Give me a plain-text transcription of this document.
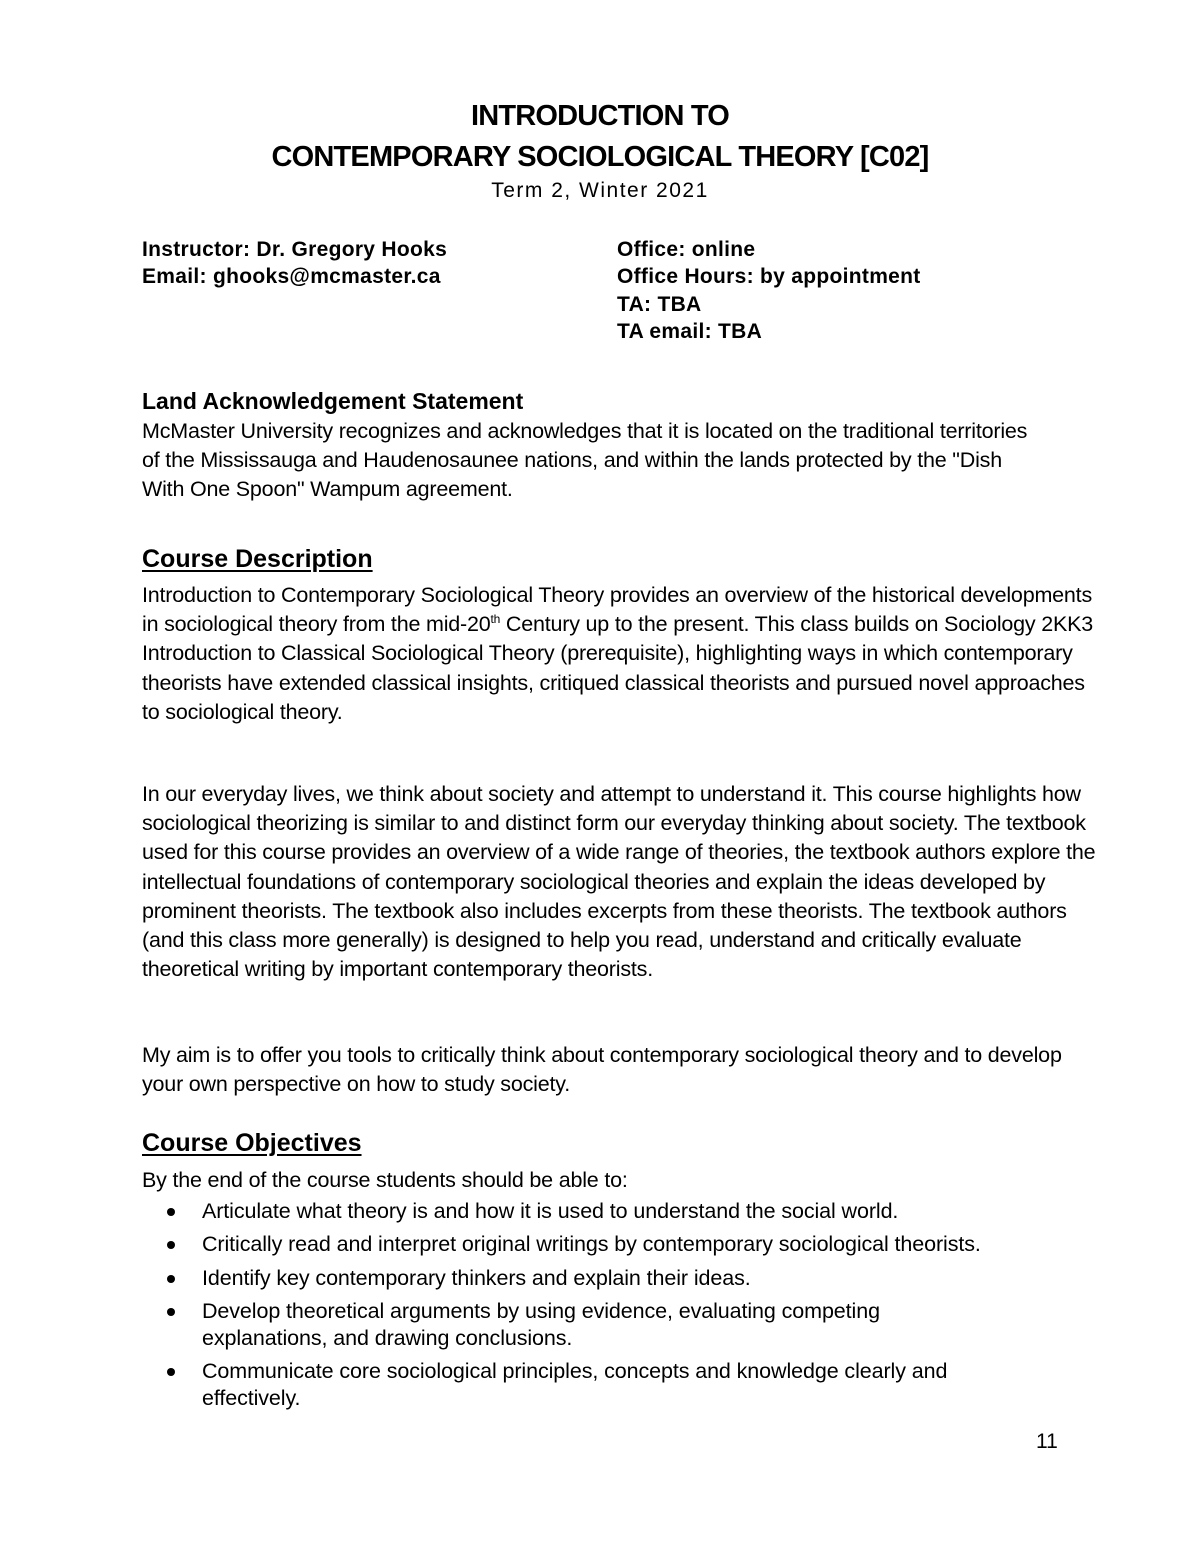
INTRODUCTION TO
CONTEMPORARY SOCIOLOGICAL THEORY [C02]
Term 2, Winter 2021
Instructor: Dr. Gregory Hooks
Email: ghooks@mcmaster.ca
Office: online
Office Hours: by appointment
TA: TBA
TA email: TBA
Land Acknowledgement Statement

McMaster University recognizes and acknowledges that it is located on the traditional territories of the Mississauga and Haudenosaunee nations, and within the lands protected by the "Dish With One Spoon" Wampum agreement.

Course Description

Introduction to Contemporary Sociological Theory provides an overview of the historical developments in sociological theory from the mid-20th Century up to the present. This class builds on Sociology 2KK3 Introduction to Classical Sociological Theory (prerequisite), highlighting ways in which contemporary theorists have extended classical insights, critiqued classical theorists and pursued novel approaches to sociological theory.

In our everyday lives, we think about society and attempt to understand it. This course highlights how sociological theorizing is similar to and distinct form our everyday thinking about society. The textbook used for this course provides an overview of a wide range of theories, the textbook authors explore the intellectual foundations of contemporary sociological theories and explain the ideas developed by prominent theorists. The textbook also includes excerpts from these theorists. The textbook authors (and this class more generally) is designed to help you read, understand and critically evaluate theoretical writing by important contemporary theorists.

My aim is to offer you tools to critically think about contemporary sociological theory and to develop your own perspective on how to study society.

Course Objectives

By the end of the course students should be able to:

Articulate what theory is and how it is used to understand the social world.
Critically read and interpret original writings by contemporary sociological theorists.
Identify key contemporary thinkers and explain their ideas.
Develop theoretical arguments by using evidence, evaluating competing explanations, and drawing conclusions.
Communicate core sociological principles, concepts and knowledge clearly and effectively.
11
